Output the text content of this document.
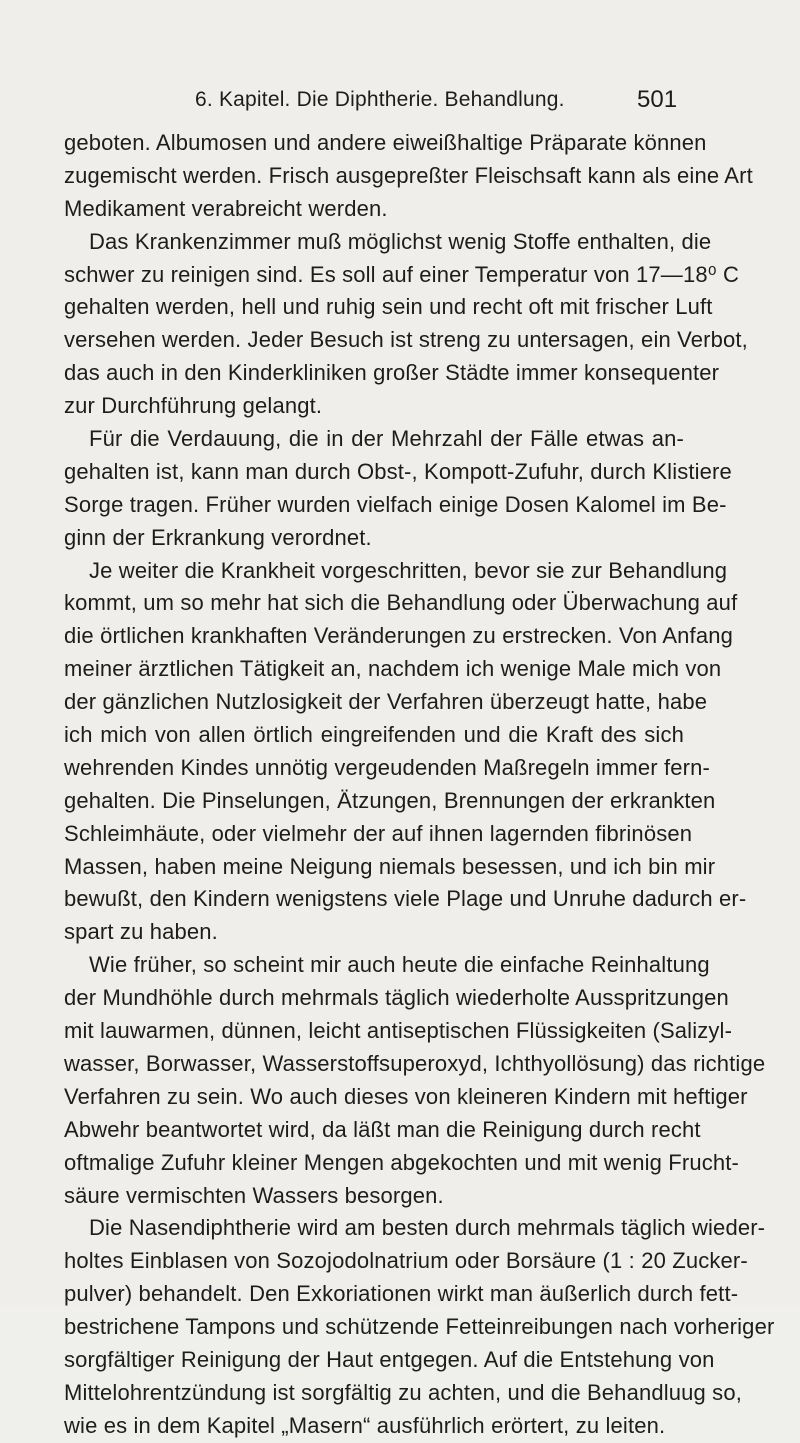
6. Kapitel. Die Diphtherie. Behandlung.	501
geboten. Albumosen und andere eiweißhaltige Präparate können
zugemischt werden. Frisch ausgepreßter Fleischsaft kann als eine Art
Medikament verabreicht werden.
Das Krankenzimmer muß möglichst wenig Stoffe enthalten, die
schwer zu reinigen sind. Es soll auf einer Temperatur von 17—18⁰ C
gehalten werden, hell und ruhig sein und recht oft mit frischer Luft
versehen werden. Jeder Besuch ist streng zu untersagen, ein Verbot,
das auch in den Kinderkliniken großer Städte immer konsequenter
zur Durchführung gelangt.
Für die Verdauung, die in der Mehrzahl der Fälle etwas an-
gehalten ist, kann man durch Obst-, Kompott-Zufuhr, durch Klistiere
Sorge tragen. Früher wurden vielfach einige Dosen Kalomel im Be-
ginn der Erkrankung verordnet.
Je weiter die Krankheit vorgeschritten, bevor sie zur Behandlung
kommt, um so mehr hat sich die Behandlung oder Überwachung auf
die örtlichen krankhaften Veränderungen zu erstrecken. Von Anfang
meiner ärztlichen Tätigkeit an, nachdem ich wenige Male mich von
der gänzlichen Nutzlosigkeit der Verfahren überzeugt hatte, habe
ich mich von allen örtlich eingreifenden und die Kraft des sich
wehrenden Kindes unnötig vergeudenden Maßregeln immer fern-
gehalten. Die Pinselungen, Ätzungen, Brennungen der erkrankten
Schleimhäute, oder vielmehr der auf ihnen lagernden fibrinösen
Massen, haben meine Neigung niemals besessen, und ich bin mir
bewußt, den Kindern wenigstens viele Plage und Unruhe dadurch er-
spart zu haben.
Wie früher, so scheint mir auch heute die einfache Reinhaltung
der Mundhöhle durch mehrmals täglich wiederholte Ausspritzungen
mit lauwarmen, dünnen, leicht antiseptischen Flüssigkeiten (Salizyl-
wasser, Borwasser, Wasserstoffsuperoxyd, Ichthyollösung) das richtige
Verfahren zu sein. Wo auch dieses von kleineren Kindern mit heftiger
Abwehr beantwortet wird, da läßt man die Reinigung durch recht
oftmalige Zufuhr kleiner Mengen abgekochten und mit wenig Frucht-
säure vermischten Wassers besorgen.
Die Nasendiphtherie wird am besten durch mehrmals täglich wieder-
holtes Einblasen von Sozojodolnatrium oder Borsäure (1 : 20 Zucker-
pulver) behandelt. Den Exkoriationen wirkt man äußerlich durch fett-
bestrichene Tampons und schützende Fetteinreibungen nach vorheriger
sorgfältiger Reinigung der Haut entgegen. Auf die Entstehung von
Mittelohrentzündung ist sorgfältig zu achten, und die Behandluug so,
wie es in dem Kapitel „Masern“ ausführlich erörtert, zu leiten.
